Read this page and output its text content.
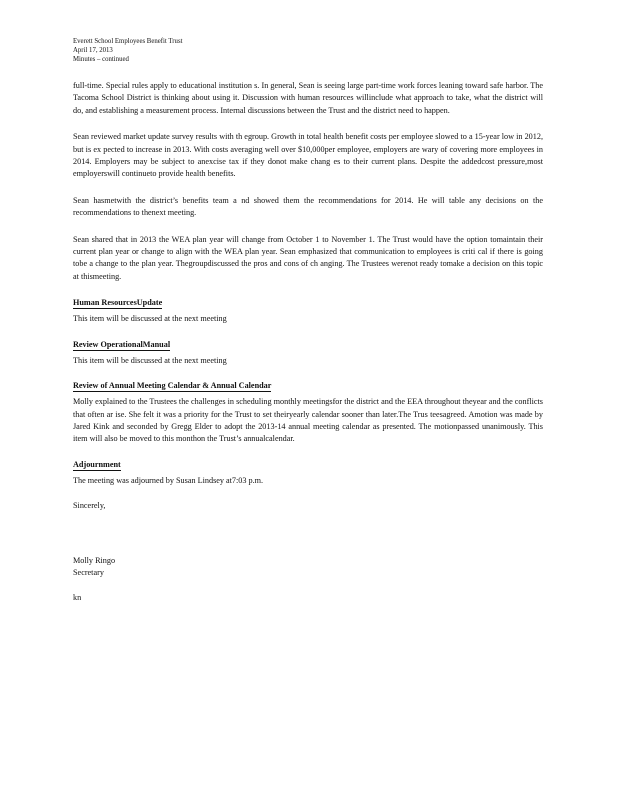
Everett School Employees Benefit Trust
April 17, 2013
Minutes – continued

full-time. Special rules apply to educational institution s. In general, Sean is seeing large part-time work forces leaning toward safe harbor. The Tacoma School District is thinking about using it. Discussion with human resources willinclude what approach to take, what the district will do, and establishing a measurement process. Internal discussions between the Trust and the district need to happen.

Sean reviewed market update survey results with th egroup. Growth in total health benefit costs per employee slowed to a 15-year low in 2012, but is ex pected to increase in 2013. With costs averaging well over $10,000per employee, employers are wary of covering more employees in 2014. Employers may be subject to anexcise tax if they donot make chang es to their current plans. Despite the addedcost pressure,most employerswill continueto provide health benefits.

Sean hasmetwith the district’s benefits team a nd showed them the recommendations for 2014. He will table any decisions on the recommendations to thenext meeting.

Sean shared that in 2013 the WEA plan year will change from October 1 to November 1. The Trust would have the option tomaintain their current plan year or change to align with the WEA plan year. Sean emphasized that communication to employees is criti cal if there is going tobe a change to the plan year. Thegroupdiscussed the pros and cons of ch anging. The Trustees werenot ready tomake a decision on this topic at thismeeting.

Human ResourcesUpdate

This item will be discussed at the next meeting

Review OperationalManual

This item will be discussed at the next meeting

Review of Annual Meeting Calendar & Annual Calendar

Molly explained to the Trustees the challenges in scheduling monthly meetingsfor the district and the EEA throughout theyear and the conflicts that often ar ise. She felt it was a priority for the Trust to set theiryearly calendar sooner than later.The Trus teesagreed. Amotion was made by Jared Kink and seconded by Gregg Elder to adopt the 2013-14 annual meeting calendar as presented. The motionpassed unanimously. This item will also be moved to this monthon the Trust’s annualcalendar.

Adjournment

The meeting was adjourned by Susan Lindsey at7:03 p.m.

Sincerely,

Molly Ringo

Secretary

kn
